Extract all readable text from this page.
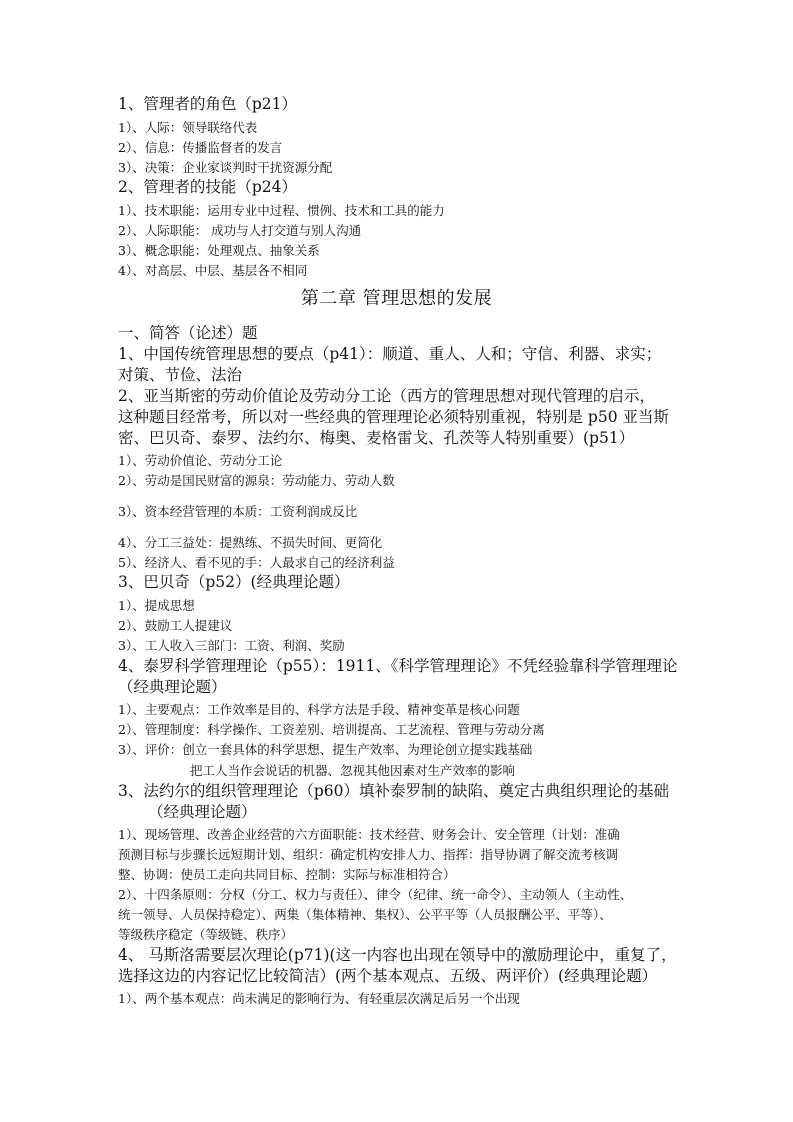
1、管理者的角色（p21）
1）、人际：领导联络代表
2）、信息：传播监督者的发言
3）、决策：企业家谈判时干扰资源分配
2、管理者的技能（p24）
1）、技术职能：运用专业中过程、惯例、技术和工具的能力
2）、人际职能： 成功与人打交道与别人沟通
3）、概念职能：处理观点、抽象关系
4）、对高层、中层、基层各不相同
第二章 管理思想的发展
一、简答（论述）题
1、中国传统管理思想的要点（p41）：顺道、重人、人和；守信、利器、求实；
对策、节俭、法治
2、亚当斯密的劳动价值论及劳动分工论（西方的管理思想对现代管理的启示，
这种题目经常考，所以对一些经典的管理理论必须特别重视，特别是 p50 亚当斯
密、巴贝奇、泰罗、法约尔、梅奥、麦格雷戈、孔茨等人特别重要）(p51）
1）、劳动价值论、劳动分工论
2）、劳动是国民财富的源泉：劳动能力、劳动人数
3）、资本经营管理的本质：工资利润成反比
4）、分工三益处：提熟练、不损失时间、更简化
5）、经济人、看不见的手：人最求自己的经济利益
3、巴贝奇（p52）(经典理论题）
1）、提成思想
2）、鼓励工人提建议
3）、工人收入三部门：工资、利润、奖励
4、泰罗科学管理理论（p55）：1911、《科学管理理论》不凭经验靠科学管理理论
（经典理论题）
1）、主要观点：工作效率是目的、科学方法是手段、精神变革是核心问题
2）、管理制度：科学操作、工资差别、培训提高、工艺流程、管理与劳动分离
3）、评价：创立一套具体的科学思想、提生产效率、为理论创立提实践基础
把工人当作会说话的机器、忽视其他因素对生产效率的影响
3、法约尔的组织管理理论（p60）填补泰罗制的缺陷、奠定古典组织理论的基础
（经典理论题）
1）、现场管理、改善企业经营的六方面职能：技术经营、财务会计、安全管理（计划：准确
预测目标与步骤长远短期计划、组织：确定机构安排人力、指挥：指导协调了解交流考核调
整、协调：使员工走向共同目标、控制：实际与标准相符合）
2）、十四条原则：分权（分工、权力与责任）、律令（纪律、统一命令）、主动领人（主动性、
统一领导、人员保持稳定）、两集（集体精神、集权）、公平平等（人员报酬公平、平等）、
等级秩序稳定（等级链、秩序）
4、 马斯洛需要层次理论(p71)(这一内容也出现在领导中的激励理论中，重复了，
选择这边的内容记忆比较简洁）(两个基本观点、五级、两评价）(经典理论题）
1）、两个基本观点：尚未满足的影响行为、有轻重层次满足后另一个出现
